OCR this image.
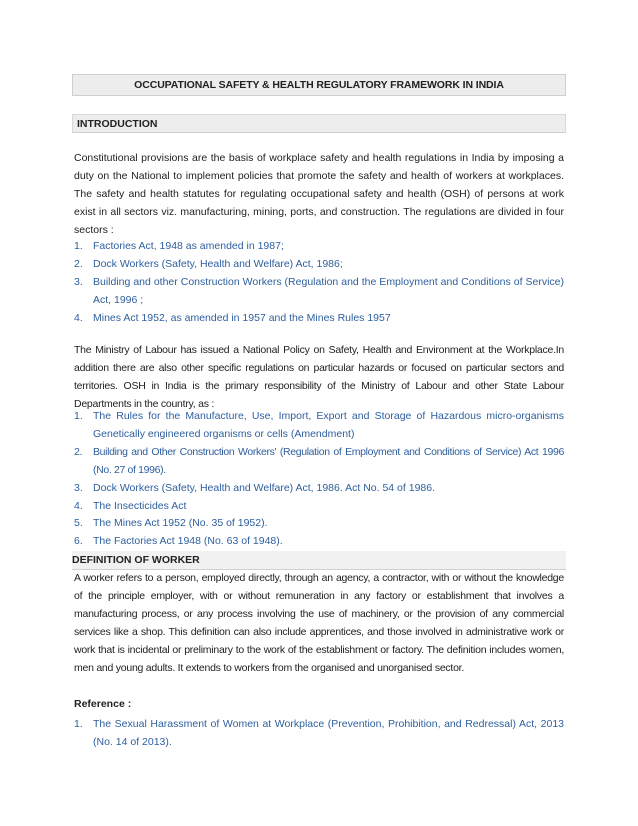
OCCUPATIONAL SAFETY & HEALTH REGULATORY FRAMEWORK IN INDIA
INTRODUCTION

Constitutional provisions are the basis of workplace safety and health regulations in India by imposing a duty on the National to implement policies that promote the safety and health of workers at workplaces. The safety and health statutes for regulating occupational safety and health (OSH) of persons at work exist in all sectors viz. manufacturing, mining, ports, and construction. The regulations are divided in four sectors :

1. Factories Act, 1948 as amended in 1987;
2. Dock Workers (Safety, Health and Welfare) Act, 1986;
3. Building and other Construction Workers (Regulation and the Employment and Conditions of Service) Act, 1996 ;
4. Mines Act 1952, as amended in 1957 and the Mines Rules 1957

The Ministry of Labour has issued a National Policy on Safety, Health and Environment at the Workplace.In addition there are also other specific regulations on particular hazards or focused on particular sectors and territories. OSH in India is the primary responsibility of the Ministry of Labour and other State Labour Departments in the country, as :

1. The Rules for the Manufacture, Use, Import, Export and Storage of Hazardous micro-organisms Genetically engineered organisms or cells (Amendment)
2. Building and Other Construction Workers' (Regulation of Employment and Conditions of Service) Act 1996 (No. 27 of 1996).
3. Dock Workers (Safety, Health and Welfare) Act, 1986. Act No. 54 of 1986.
4. The Insecticides Act
5. The Mines Act 1952 (No. 35 of 1952).
6. The Factories Act 1948 (No. 63 of 1948).
DEFINITION OF WORKER

A worker refers to a person, employed directly, through an agency, a contractor, with or without the knowledge of the principle employer, with or without remuneration in any factory or establishment that involves a manufacturing process, or any process involving the use of machinery, or the provision of any commercial services like a shop. This definition can also include apprentices, and those involved in administrative work or work that is incidental or preliminary to the work of the establishment or factory. The definition includes women, men and young adults. It extends to workers from the organised and unorganised sector.

Reference :
1. The Sexual Harassment of Women at Workplace (Prevention, Prohibition, and Redressal) Act, 2013 (No. 14 of 2013).
